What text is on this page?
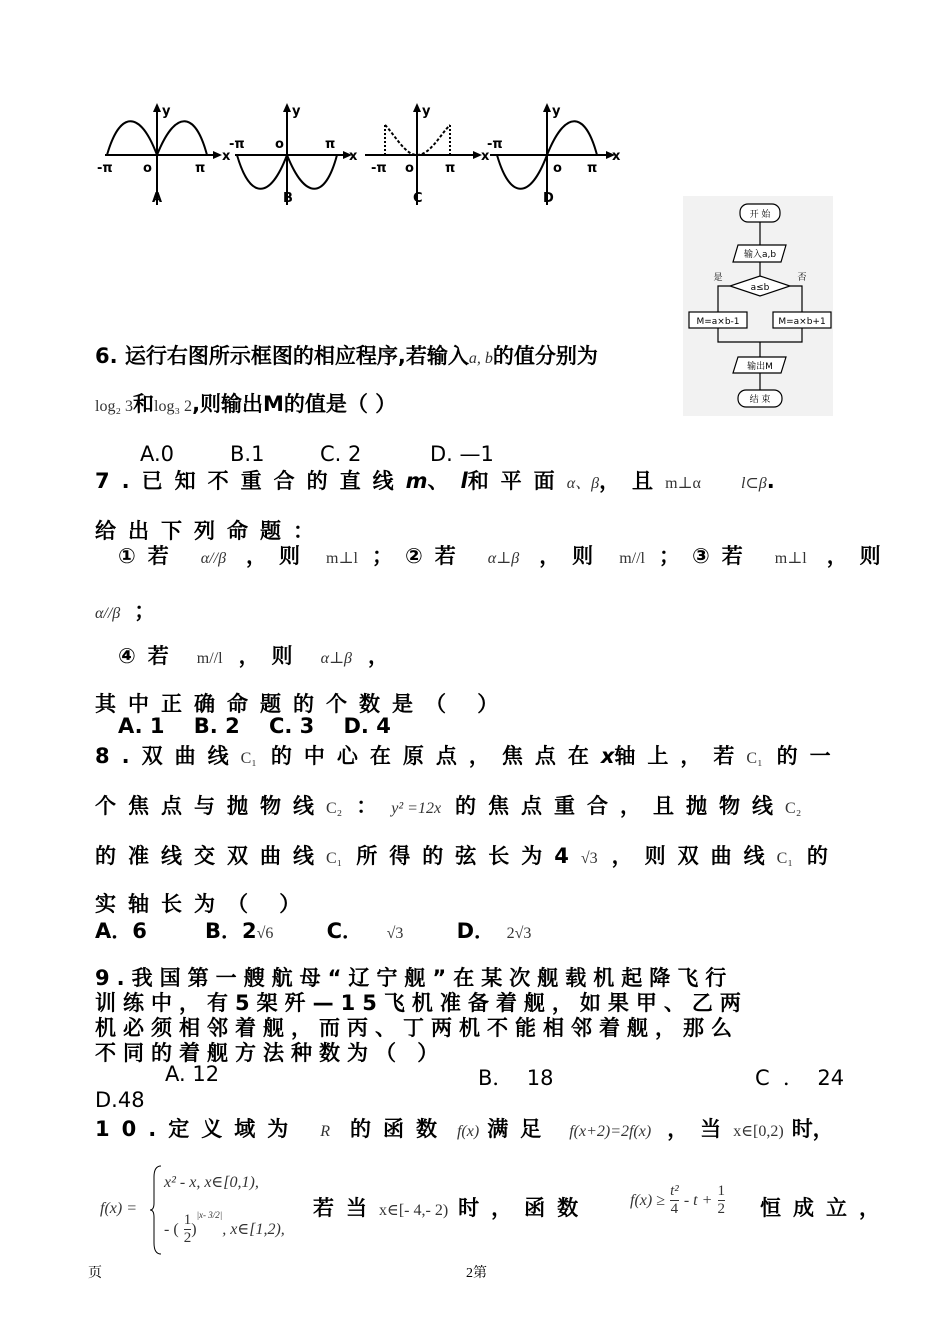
y
x
-π o	π
A
y
x
-π o	π
B
y
x
-π o π
C
y
x
-π
o π
D
开 始
输入a,b
a≤b
是	否
M=a×b-1	M=a×b+1
输出M
结 束
6. 运行右图所示框图的相应程序,若输入a, b的值分别为
log₂ 3和log₃ 2,则输出M的值是（ ）
A.0	B.1	C. 2	D. —1
7.已知不重合的直线m、l和平面α、β，且m⊥α	l⊂β.
给出下列命题：
①若 α//β ，则 m⊥l ；②若 α⊥β ，则 m//l ；③若 m⊥l ，则
α//β ；
④若 m//l ，则 α⊥β ，
其中正确命题的个数是（ ）
A. 1    B. 2    C. 3    D. 4
8.双曲线C₁ 的中心在原点，焦点在x轴上，若C₁ 的一
个焦点与抛物线C₂ ： y² =12x 的焦点重合，且抛物线C₂
的准线交双曲线C₁ 所得的弦长为4√3 ，则双曲线C₁ 的
实轴长为（ ）
A．6	B．2√6	C． √3	D． 2√3
9.我国第一艘航母“辽宁舰”在某次舰载机起降飞行
训练中，有5架歼—15飞机准备着舰，如果甲、乙两
机必须相邻着舰，而丙、丁两机不能相邻着舰，那么
不同的着舰方法种数为（ ）
A. 12	B．  18	C  ．  24
D.48
10.定义域为 R 的函数 f(x) 满足 f(x+2)=2f(x) ，当x∈[0,2) 时，
f(x) =
x² - x, x∈[0,1),
- ( $\frac{1}{2} )^{|x- 3/2|}$, x∈[1,2),
若当x∈[- 4,- 2) 时，函数 $f(x) \ge \frac{\text{t²}}{4} - t + \frac{1}{2}$ 恒成立，
页	2第
